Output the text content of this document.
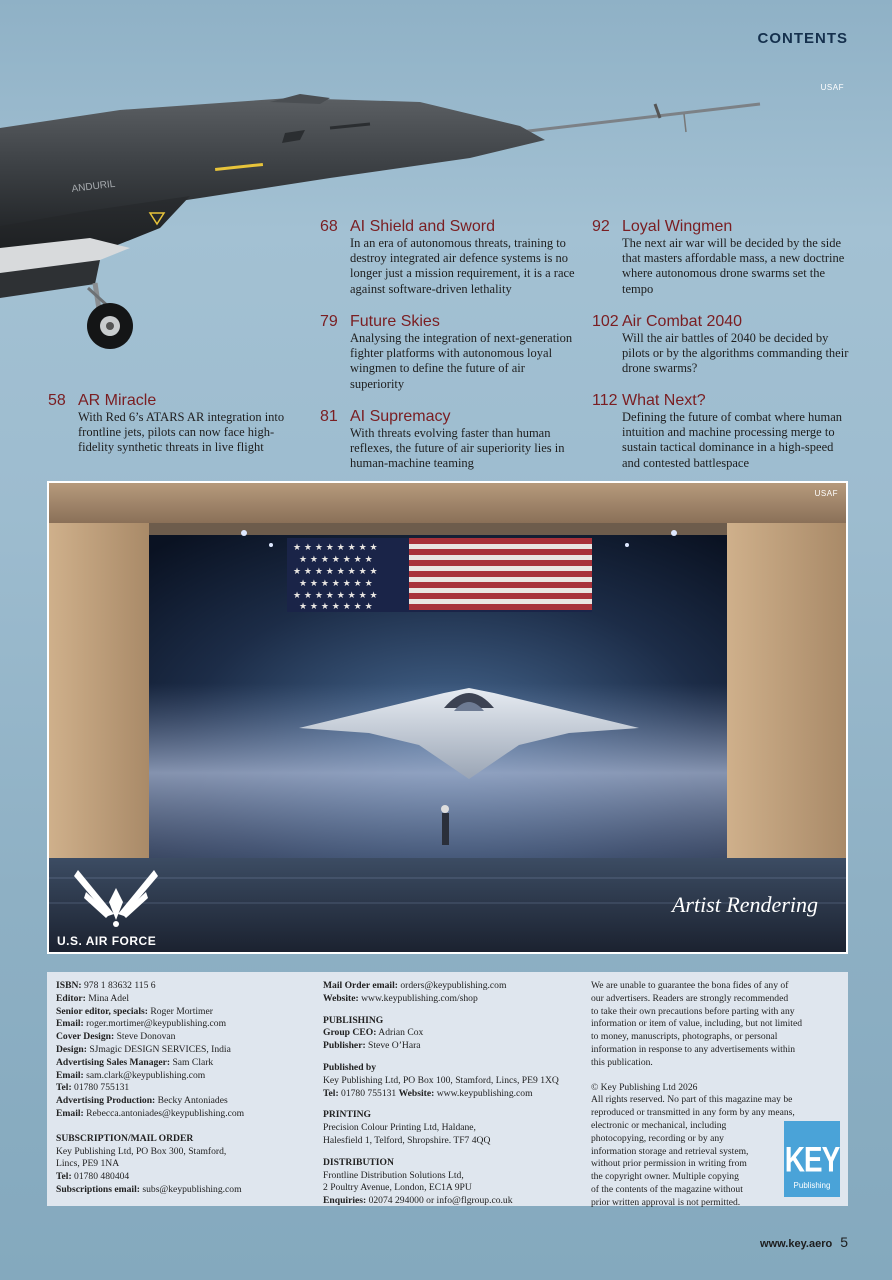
CONTENTS
USAF
ANDURIL
68 AI Shield and Sword
In an era of autonomous threats, training to destroy integrated air defence systems is no longer just a mission requirement, it is a race against software-driven lethality
92 Loyal Wingmen
The next air war will be decided by the side that masters affordable mass, a new doctrine where autonomous drone swarms set the tempo
79 Future Skies
Analysing the integration of next-generation fighter platforms with autonomous loyal wingmen to define the future of air superiority
102 Air Combat 2040
Will the air battles of 2040 be decided by pilots or by the algorithms commanding their drone swarms?
58 AR Miracle
With Red 6’s ATARS AR integration into frontline jets, pilots can now face high-fidelity synthetic threats in live flight
81 AI Supremacy
With threats evolving faster than human reflexes, the future of air superiority lies in human-machine teaming
112 What Next?
Defining the future of combat where human intuition and machine processing merge to sustain tactical dominance in a high-speed and contested battlespace
★ ★ ★ ★ ★ ★ ★ ★
★ ★ ★ ★ ★ ★ ★
★ ★ ★ ★ ★ ★ ★ ★
★ ★ ★ ★ ★ ★ ★
★ ★ ★ ★ ★ ★ ★ ★
★ ★ ★ ★ ★ ★ ★
USAF
Artist Rendering
U.S. AIR FORCE
ISBN: 978 1 83632 115 6
Editor: Mina Adel
Senior editor, specials: Roger Mortimer
Email: roger.mortimer@keypublishing.com
Cover Design: Steve Donovan
Design: SJmagic DESIGN SERVICES, India
Advertising Sales Manager: Sam Clark
Email: sam.clark@keypublishing.com
Tel: 01780 755131
Advertising Production: Becky Antoniades
Email: Rebecca.antoniades@keypublishing.com
SUBSCRIPTION/MAIL ORDER
Key Publishing Ltd, PO Box 300, Stamford,
Lincs, PE9 1NA
Tel: 01780 480404
Subscriptions email: subs@keypublishing.com
Mail Order email: orders@keypublishing.com
Website: www.keypublishing.com/shop
PUBLISHING
Group CEO: Adrian Cox
Publisher: Steve O’Hara
Published by
Key Publishing Ltd, PO Box 100, Stamford, Lincs, PE9 1XQ
Tel: 01780 755131 Website: www.keypublishing.com
PRINTING
Precision Colour Printing Ltd, Haldane,
Halesfield 1, Telford, Shropshire. TF7 4QQ
DISTRIBUTION
Frontline Distribution Solutions Ltd,
2 Poultry Avenue, London, EC1A 9PU
Enquiries: 02074 294000 or info@flgroup.co.uk
We are unable to guarantee the bona fides of any of
our advertisers. Readers are strongly recommended
to take their own precautions before parting with any
information or item of value, including, but not limited
to money, manuscripts, photographs, or personal
information in response to any advertisements within
this publication.
© Key Publishing Ltd 2026
All rights reserved. No part of this magazine may be
reproduced or transmitted in any form by any means,
electronic or mechanical, including
photocopying, recording or by any
information storage and retrieval system,
without prior permission in writing from
the copyright owner. Multiple copying
of the contents of the magazine without
prior written approval is not permitted.
KEY
Publishing
www.key.aero 5
